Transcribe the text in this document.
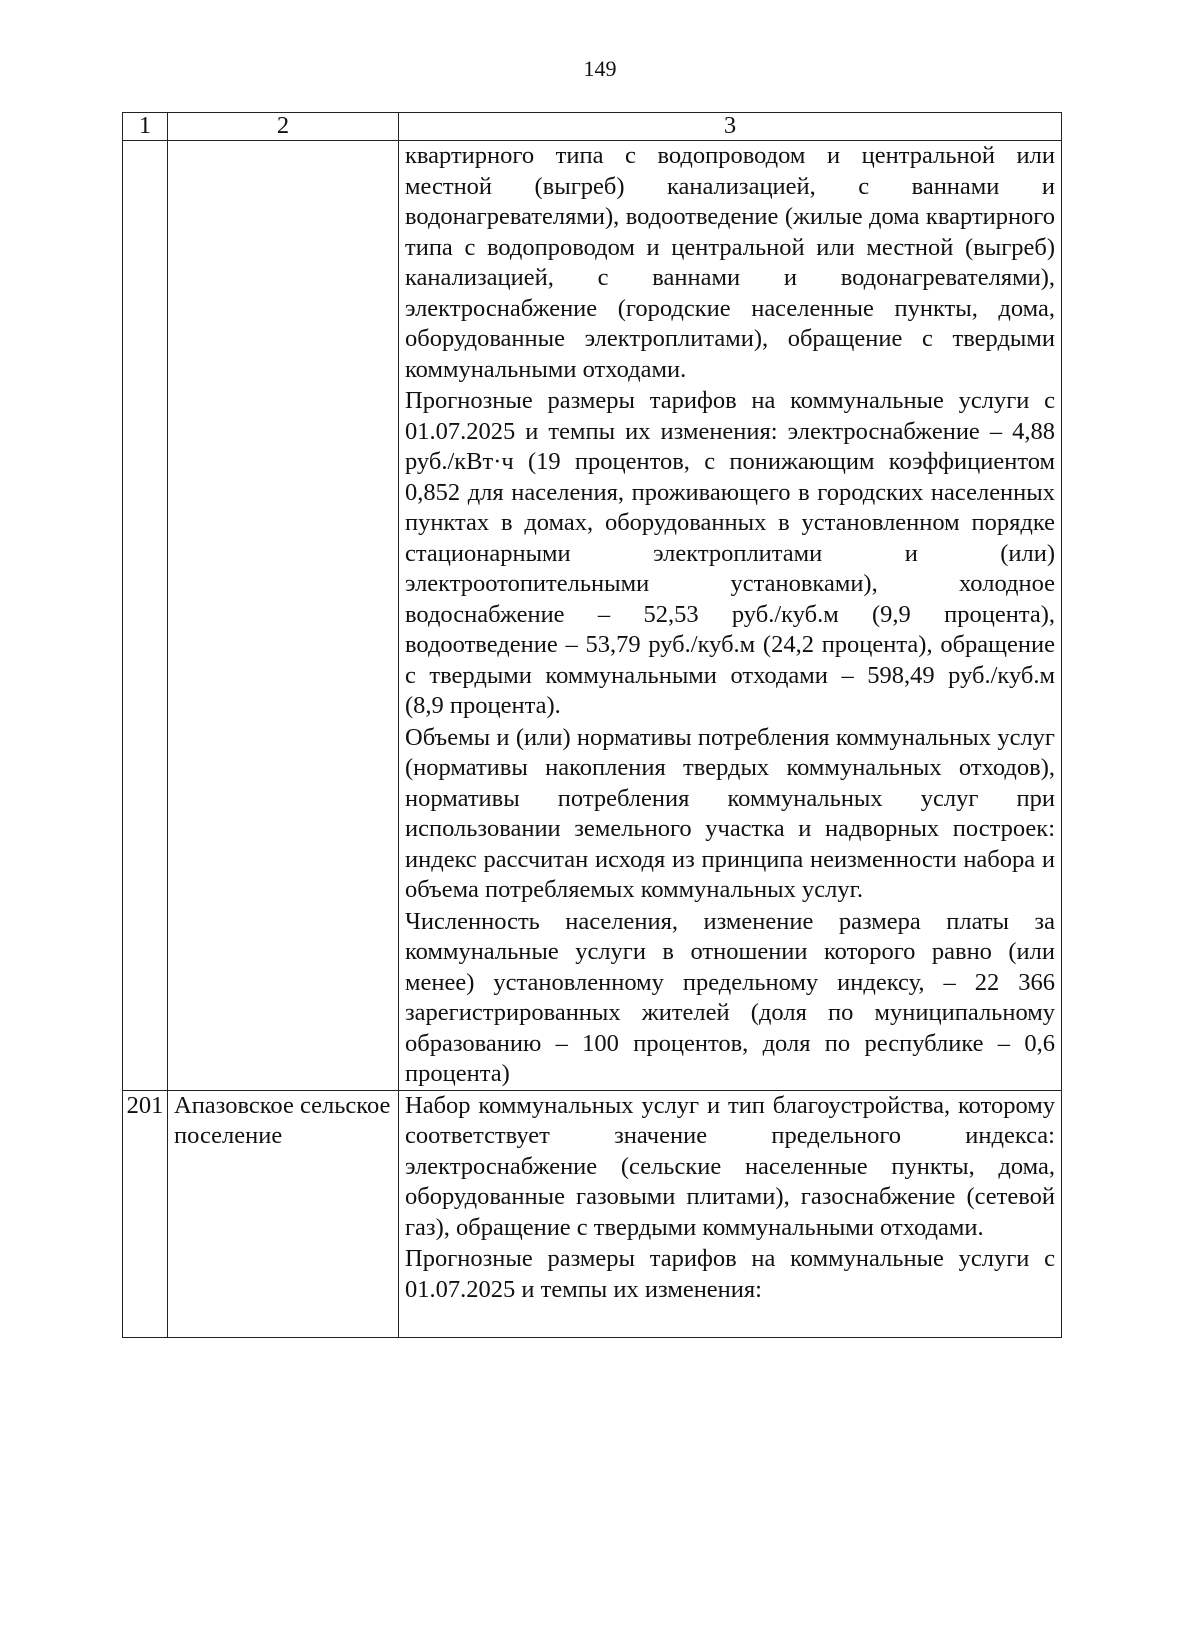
149
1	2	3

		квартирного типа с водопроводом и центральной или местной (выгреб) канализацией, с ваннами и водонагревателями), водоотведение (жилые дома квартирного типа с водопроводом и центральной или местной (выгреб) канализацией, с ваннами и водонагревателями), электроснабжение (городские населенные пункты, дома, оборудованные электроплитами), обращение с твердыми коммунальными отходами.

Прогнозные размеры тарифов на коммунальные услуги с 01.07.2025 и темпы их изменения: электроснабжение – 4,88 руб./кВт·ч (19 процентов, с понижающим коэффициентом 0,852 для населения, проживающего в городских населенных пунктах в домах, оборудованных в установленном порядке стационарными электроплитами и (или) электроотопительными установками), холодное водоснабжение – 52,53 руб./куб.м (9,9 процента), водоотведение – 53,79 руб./куб.м (24,2 процента), обращение с твердыми коммунальными отходами – 598,49 руб./куб.м (8,9 процента).

Объемы и (или) нормативы потребления коммунальных услуг (нормативы накопления твердых коммунальных отходов), нормативы потребления коммунальных услуг при использовании земельного участка и надворных построек: индекс рассчитан исходя из принципа неизменности набора и объема потребляемых коммунальных услуг.

Численность населения, изменение размера платы за коммунальные услуги в отношении которого равно (или менее) установленному предельному индексу, – 22 366 зарегистрированных жителей (доля по муниципальному образованию – 100 процентов, доля по республике – 0,6 процента)

201	Апазовское сельское поселение	Набор коммунальных услуг и тип благоустройства, которому соответствует значение предельного индекса: электроснабжение (сельские населенные пункты, дома, оборудованные газовыми плитами), газоснабжение (сетевой газ), обращение с твердыми коммунальными отходами.

Прогнозные размеры тарифов на коммунальные услуги с 01.07.2025 и темпы их изменения:
